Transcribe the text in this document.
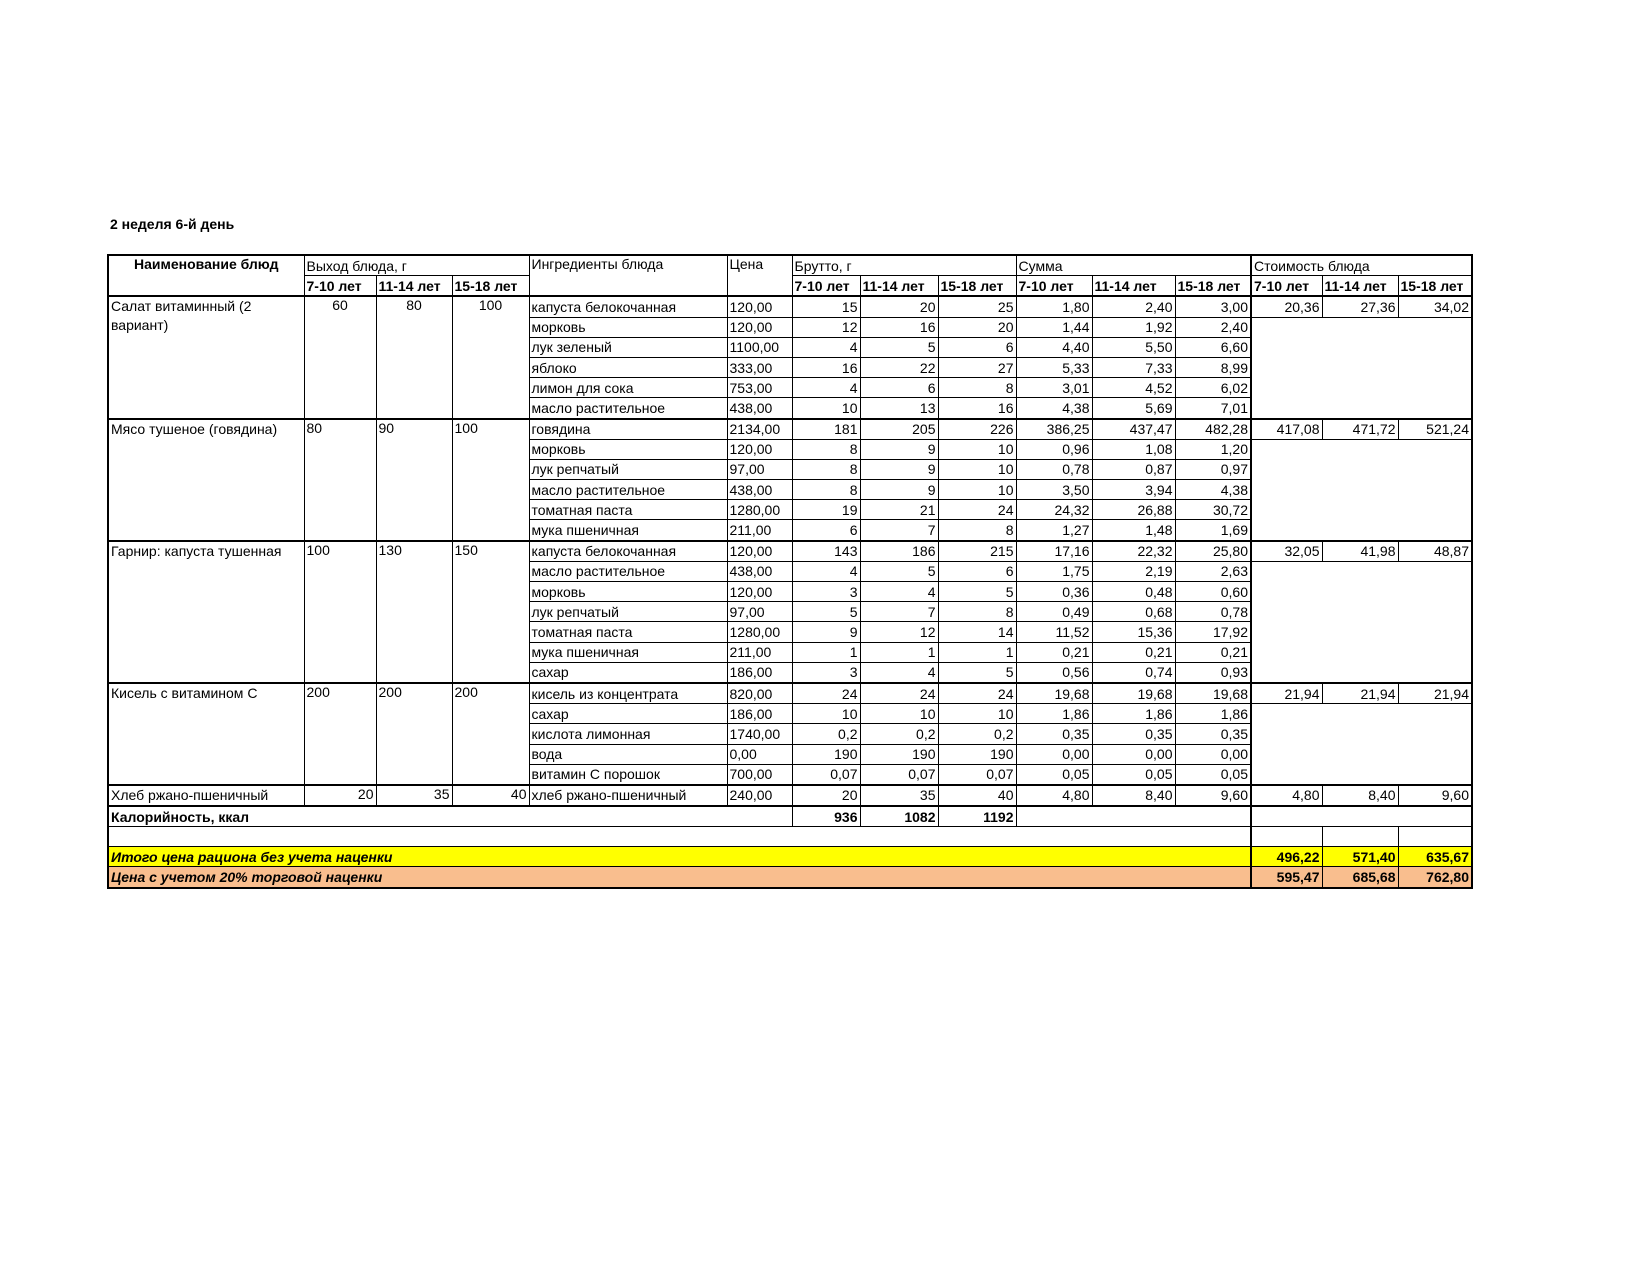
2 неделя 6-й день
Наименование блюд	Выход блюда, г			Ингредиенты блюда	Цена	Брутто, г			Сумма			Стоимость блюда		
	7-10 лет	11-14 лет	15-18 лет			7-10 лет	11-14 лет	15-18 лет	7-10 лет	11-14 лет	15-18 лет	7-10 лет	11-14 лет	15-18 лет
Салат витаминный (2 вариант)	60	80	100	капуста белокочанная	120,00	15	20	25	1,80	2,40	3,00	20,36	27,36	34,02
				морковь	120,00	12	16	20	1,44	1,92	2,40			
				лук зеленый	1100,00	4	5	6	4,40	5,50	6,60			
				яблоко	333,00	16	22	27	5,33	7,33	8,99			
				лимон для сока	753,00	4	6	8	3,01	4,52	6,02			
				масло растительное	438,00	10	13	16	4,38	5,69	7,01			
Мясо тушеное (говядина)	80	90	100	говядина	2134,00	181	205	226	386,25	437,47	482,28	417,08	471,72	521,24
				морковь	120,00	8	9	10	0,96	1,08	1,20			
				лук репчатый	97,00	8	9	10	0,78	0,87	0,97			
				масло растительное	438,00	8	9	10	3,50	3,94	4,38			
				томатная паста	1280,00	19	21	24	24,32	26,88	30,72			
				мука пшеничная	211,00	6	7	8	1,27	1,48	1,69			
Гарнир: капуста тушенная	100	130	150	капуста белокочанная	120,00	143	186	215	17,16	22,32	25,80	32,05	41,98	48,87
				масло растительное	438,00	4	5	6	1,75	2,19	2,63			
				морковь	120,00	3	4	5	0,36	0,48	0,60			
				лук репчатый	97,00	5	7	8	0,49	0,68	0,78			
				томатная паста	1280,00	9	12	14	11,52	15,36	17,92			
				мука пшеничная	211,00	1	1	1	0,21	0,21	0,21			
				сахар	186,00	3	4	5	0,56	0,74	0,93			
Кисель с витамином С	200	200	200	кисель из концентрата	820,00	24	24	24	19,68	19,68	19,68	21,94	21,94	21,94
				сахар	186,00	10	10	10	1,86	1,86	1,86			
				кислота лимонная	1740,00	0,2	0,2	0,2	0,35	0,35	0,35			
				вода	0,00	190	190	190	0,00	0,00	0,00			
				витамин С порошок	700,00	0,07	0,07	0,07	0,05	0,05	0,05			
Хлеб ржано-пшеничный	20	35	40	хлеб ржано-пшеничный	240,00	20	35	40	4,80	8,40	9,60	4,80	8,40	9,60
Калорийность, ккал						936	1082	1192						

Итого цена рациона без учета наценки												496,22	571,40	635,67
Цена с учетом 20% торговой наценки												595,47	685,68	762,80
